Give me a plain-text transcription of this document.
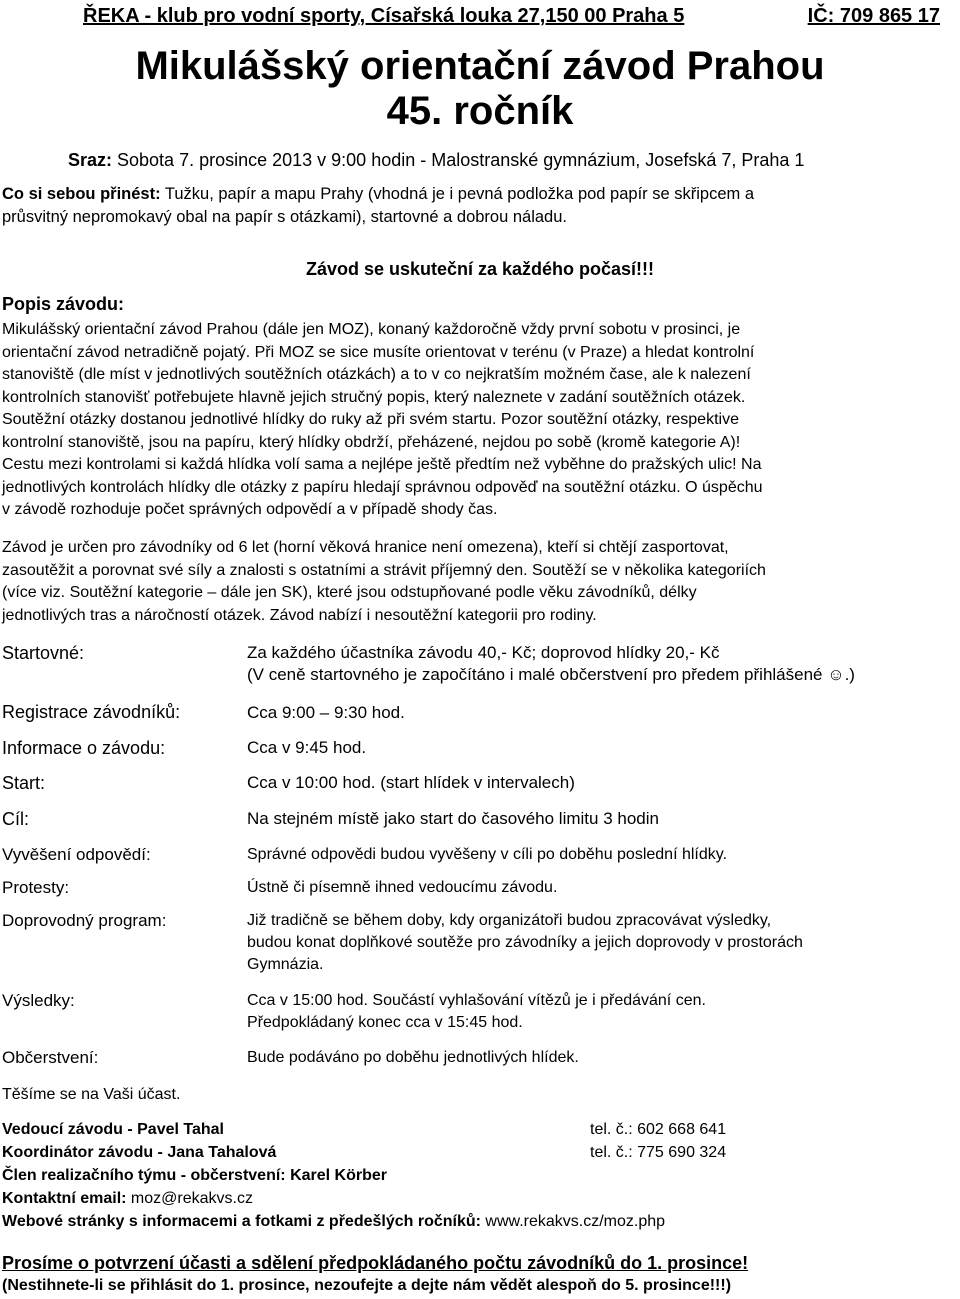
ŘEKA - klub pro vodní sporty, Císařská louka 27,150 00 Praha 5	IČ: 709 865 17
Mikulášský orientační závod Prahou
45. ročník
Sraz: Sobota 7. prosince 2013 v 9:00 hodin - Malostranské gymnázium, Josefská 7, Praha 1
Co si sebou přinést: Tužku, papír a mapu Prahy (vhodná je i pevná podložka pod papír se skřipcem a
průsvitný nepromokavý obal na papír s otázkami), startovné a dobrou náladu.
Závod se uskuteční za každého počasí!!!
Popis závodu:
Mikulášský orientační závod Prahou (dále jen MOZ), konaný každoročně vždy první sobotu v prosinci, je
orientační závod netradičně pojatý. Při MOZ se sice musíte orientovat v terénu (v Praze) a hledat kontrolní
stanoviště (dle míst v jednotlivých soutěžních otázkách) a to v co nejkratším možném čase, ale k nalezení
kontrolních stanovišť potřebujete hlavně jejich stručný popis, který naleznete v zadání soutěžních otázek.
Soutěžní otázky dostanou jednotlivé hlídky do ruky až při svém startu. Pozor soutěžní otázky, respektive
kontrolní stanoviště, jsou na papíru, který hlídky obdrží, přeházené, nejdou po sobě (kromě kategorie A)!
Cestu mezi kontrolami si každá hlídka volí sama a nejlépe ještě předtím než vyběhne do pražských ulic! Na
jednotlivých kontrolách hlídky dle otázky z papíru hledají správnou odpověď na soutěžní otázku. O úspěchu
v závodě rozhoduje počet správných odpovědí a v případě shody čas.
Závod je určen pro závodníky od 6 let (horní věková hranice není omezena), kteří si chtějí zasportovat,
zasoutěžit a porovnat své síly a znalosti s ostatními a strávit příjemný den. Soutěží se v několika kategoriích
(více viz. Soutěžní kategorie – dále jen SK), které jsou odstupňované podle věku závodníků, délky
jednotlivých tras a náročností otázek. Závod nabízí i nesoutěžní kategorii pro rodiny.
Startovné:	Za každého účastníka závodu 40,- Kč; doprovod hlídky 20,- Kč
(V ceně startovného je započítáno i malé občerstvení pro předem přihlášené ☺.)
Registrace závodníků:	Cca 9:00 – 9:30 hod.
Informace o závodu:	Cca v 9:45 hod.
Start:	Cca v 10:00 hod. (start hlídek v intervalech)
Cíl:	Na stejném místě jako start do časového limitu 3 hodin
Vyvěšení odpovědí:	Správné odpovědi budou vyvěšeny v cíli po doběhu poslední hlídky.
Protesty:	Ústně či písemně ihned vedoucímu závodu.
Doprovodný program:	Již tradičně se během doby, kdy organizátoři budou zpracovávat výsledky,
budou konat doplňkové soutěže pro závodníky a jejich doprovody v prostorách
Gymnázia.
Výsledky:	Cca v 15:00 hod. Součástí vyhlašování vítězů je i předávání cen.
Předpokládaný konec cca v 15:45 hod.
Občerstvení:	Bude podáváno po doběhu jednotlivých hlídek.
Těšíme se na Vaši účast.
Vedoucí závodu - Pavel Tahal	tel. č.: 602 668 641
Koordinátor závodu - Jana Tahalová	tel. č.: 775 690 324
Člen realizačního týmu - občerstvení: Karel Körber
Kontaktní email: moz@rekakvs.cz
Webové stránky s informacemi a fotkami z předešlých ročníků: www.rekakvs.cz/moz.php
Prosíme o potvrzení účasti a sdělení předpokládaného počtu závodníků do 1. prosince!
(Nestihnete-li se přihlásit do 1. prosince, nezoufejte a dejte nám vědět alespoň do 5. prosince!!!)
